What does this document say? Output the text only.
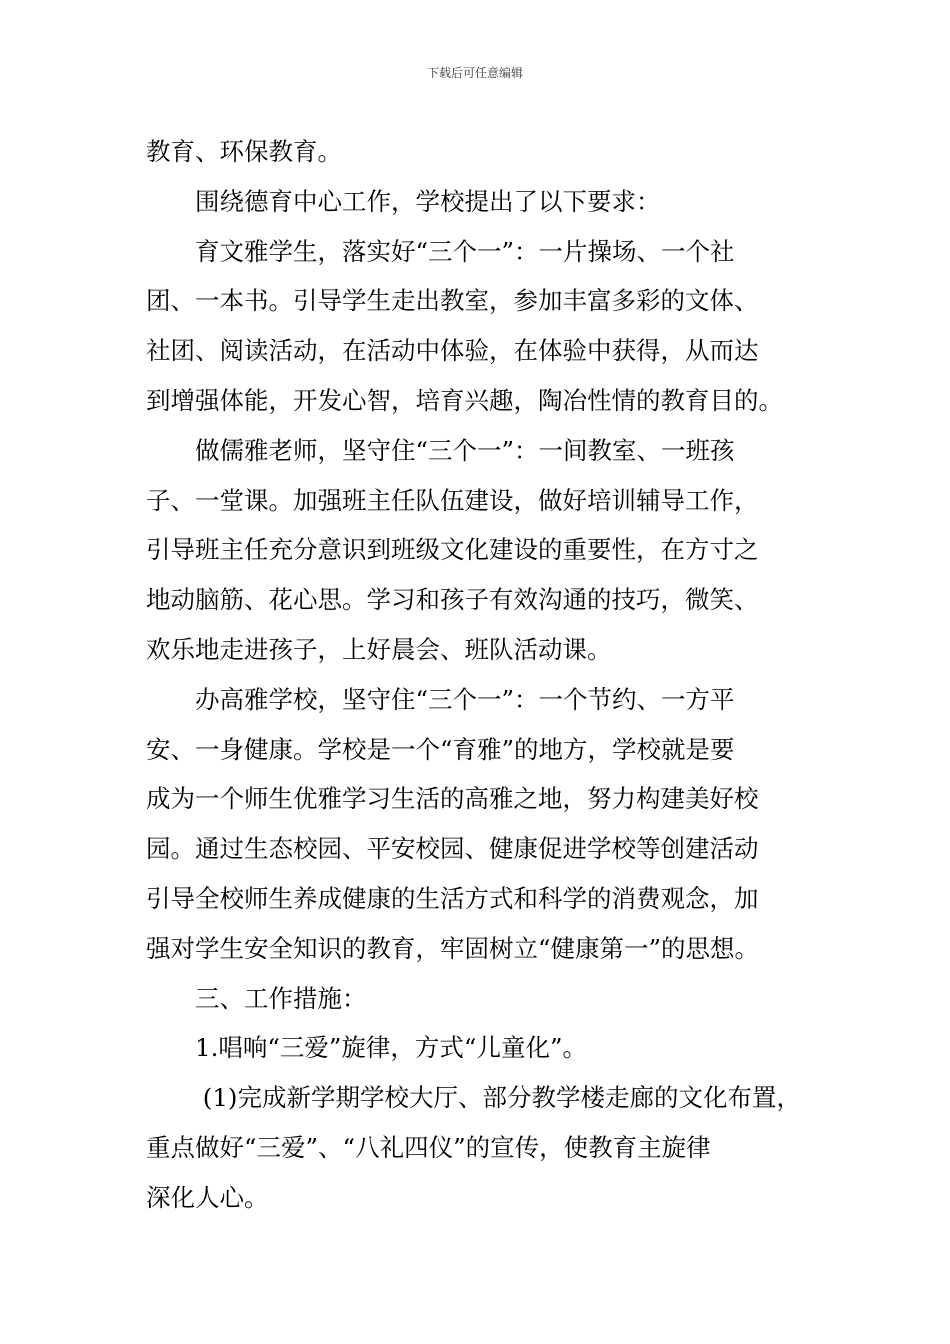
下载后可任意编辑

教育、环保教育。

　　围绕德育中心工作，学校提出了以下要求：

　　育文雅学生，落实好“三个一”：一片操场、一个社

团、一本书。引导学生走出教室，参加丰富多彩的文体、

社团、阅读活动，在活动中体验，在体验中获得，从而达

到增强体能，开发心智，培育兴趣，陶冶性情的教育目的。

　　做儒雅老师，坚守住“三个一”：一间教室、一班孩

子、一堂课。加强班主任队伍建设，做好培训辅导工作，

引导班主任充分意识到班级文化建设的重要性，在方寸之

地动脑筋、花心思。学习和孩子有效沟通的技巧，微笑、

欢乐地走进孩子，上好晨会、班队活动课。

　　办高雅学校，坚守住“三个一”：一个节约、一方平

安、一身健康。学校是一个“育雅”的地方，学校就是要

成为一个师生优雅学习生活的高雅之地，努力构建美好校

园。通过生态校园、平安校园、健康促进学校等创建活动

引导全校师生养成健康的生活方式和科学的消费观念，加

强对学生安全知识的教育，牢固树立“健康第一”的思想。

　　三、工作措施：

　　1.唱响“三爱”旋律，方式“儿童化”。

　　 (1)完成新学期学校大厅、部分教学楼走廊的文化布置，

重点做好“三爱”、“八礼四仪”的宣传，使教育主旋律

深化人心。
